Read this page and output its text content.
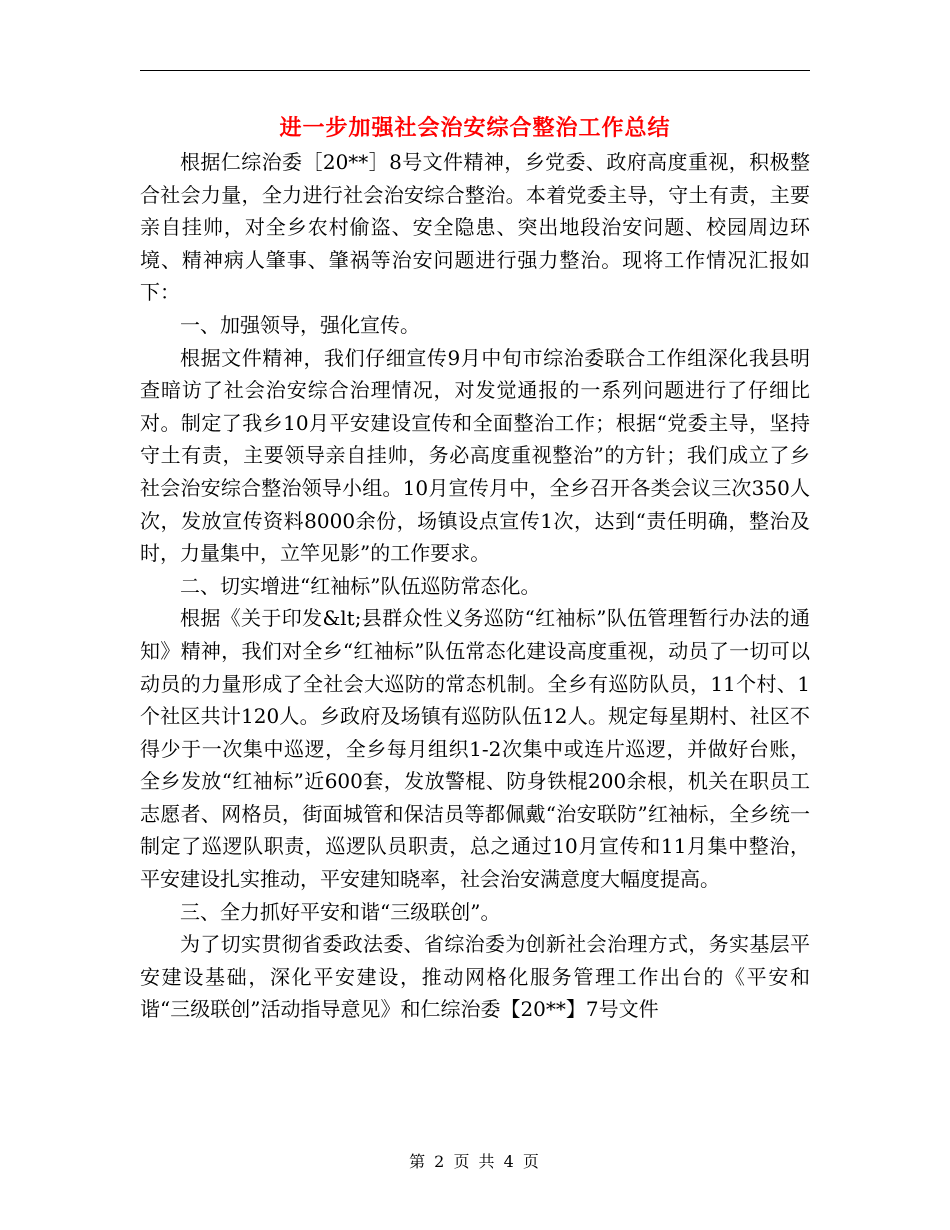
进一步加强社会治安综合整治工作总结

根据仁综治委［20**］8号文件精神，乡党委、政府高度重视，积极整合社会力量，全力进行社会治安综合整治。本着党委主导，守土有责，主要亲自挂帅，对全乡农村偷盗、安全隐患、突出地段治安问题、校园周边环境、精神病人肇事、肇祸等治安问题进行强力整治。现将工作情况汇报如下：

一、加强领导，强化宣传。

根据文件精神，我们仔细宣传9月中旬市综治委联合工作组深化我县明查暗访了社会治安综合治理情况，对发觉通报的一系列问题进行了仔细比对。制定了我乡10月平安建设宣传和全面整治工作；根据“党委主导，坚持守土有责，主要领导亲自挂帅，务必高度重视整治”的方针；我们成立了乡社会治安综合整治领导小组。10月宣传月中，全乡召开各类会议三次350人次，发放宣传资料8000余份，场镇设点宣传1次，达到“责任明确，整治及时，力量集中，立竿见影”的工作要求。

二、切实增进“红袖标”队伍巡防常态化。

根据《关于印发&lt;县群众性义务巡防“红袖标”队伍管理暂行办法的通知》精神，我们对全乡“红袖标”队伍常态化建设高度重视，动员了一切可以动员的力量形成了全社会大巡防的常态机制。全乡有巡防队员，11个村、1个社区共计120人。乡政府及场镇有巡防队伍12人。规定每星期村、社区不得少于一次集中巡逻，全乡每月组织1-2次集中或连片巡逻，并做好台账，全乡发放“红袖标”近600套，发放警棍、防身铁棍200余根，机关在职员工志愿者、网格员，街面城管和保洁员等都佩戴“治安联防”红袖标，全乡统一制定了巡逻队职责，巡逻队员职责，总之通过10月宣传和11月集中整治，平安建设扎实推动，平安建知晓率，社会治安满意度大幅度提高。

三、全力抓好平安和谐“三级联创”。

为了切实贯彻省委政法委、省综治委为创新社会治理方式，务实基层平安建设基础，深化平安建设，推动网格化服务管理工作出台的《平安和谐“三级联创”活动指导意见》和仁综治委【20**】7号文件

第 2 页 共 4 页
